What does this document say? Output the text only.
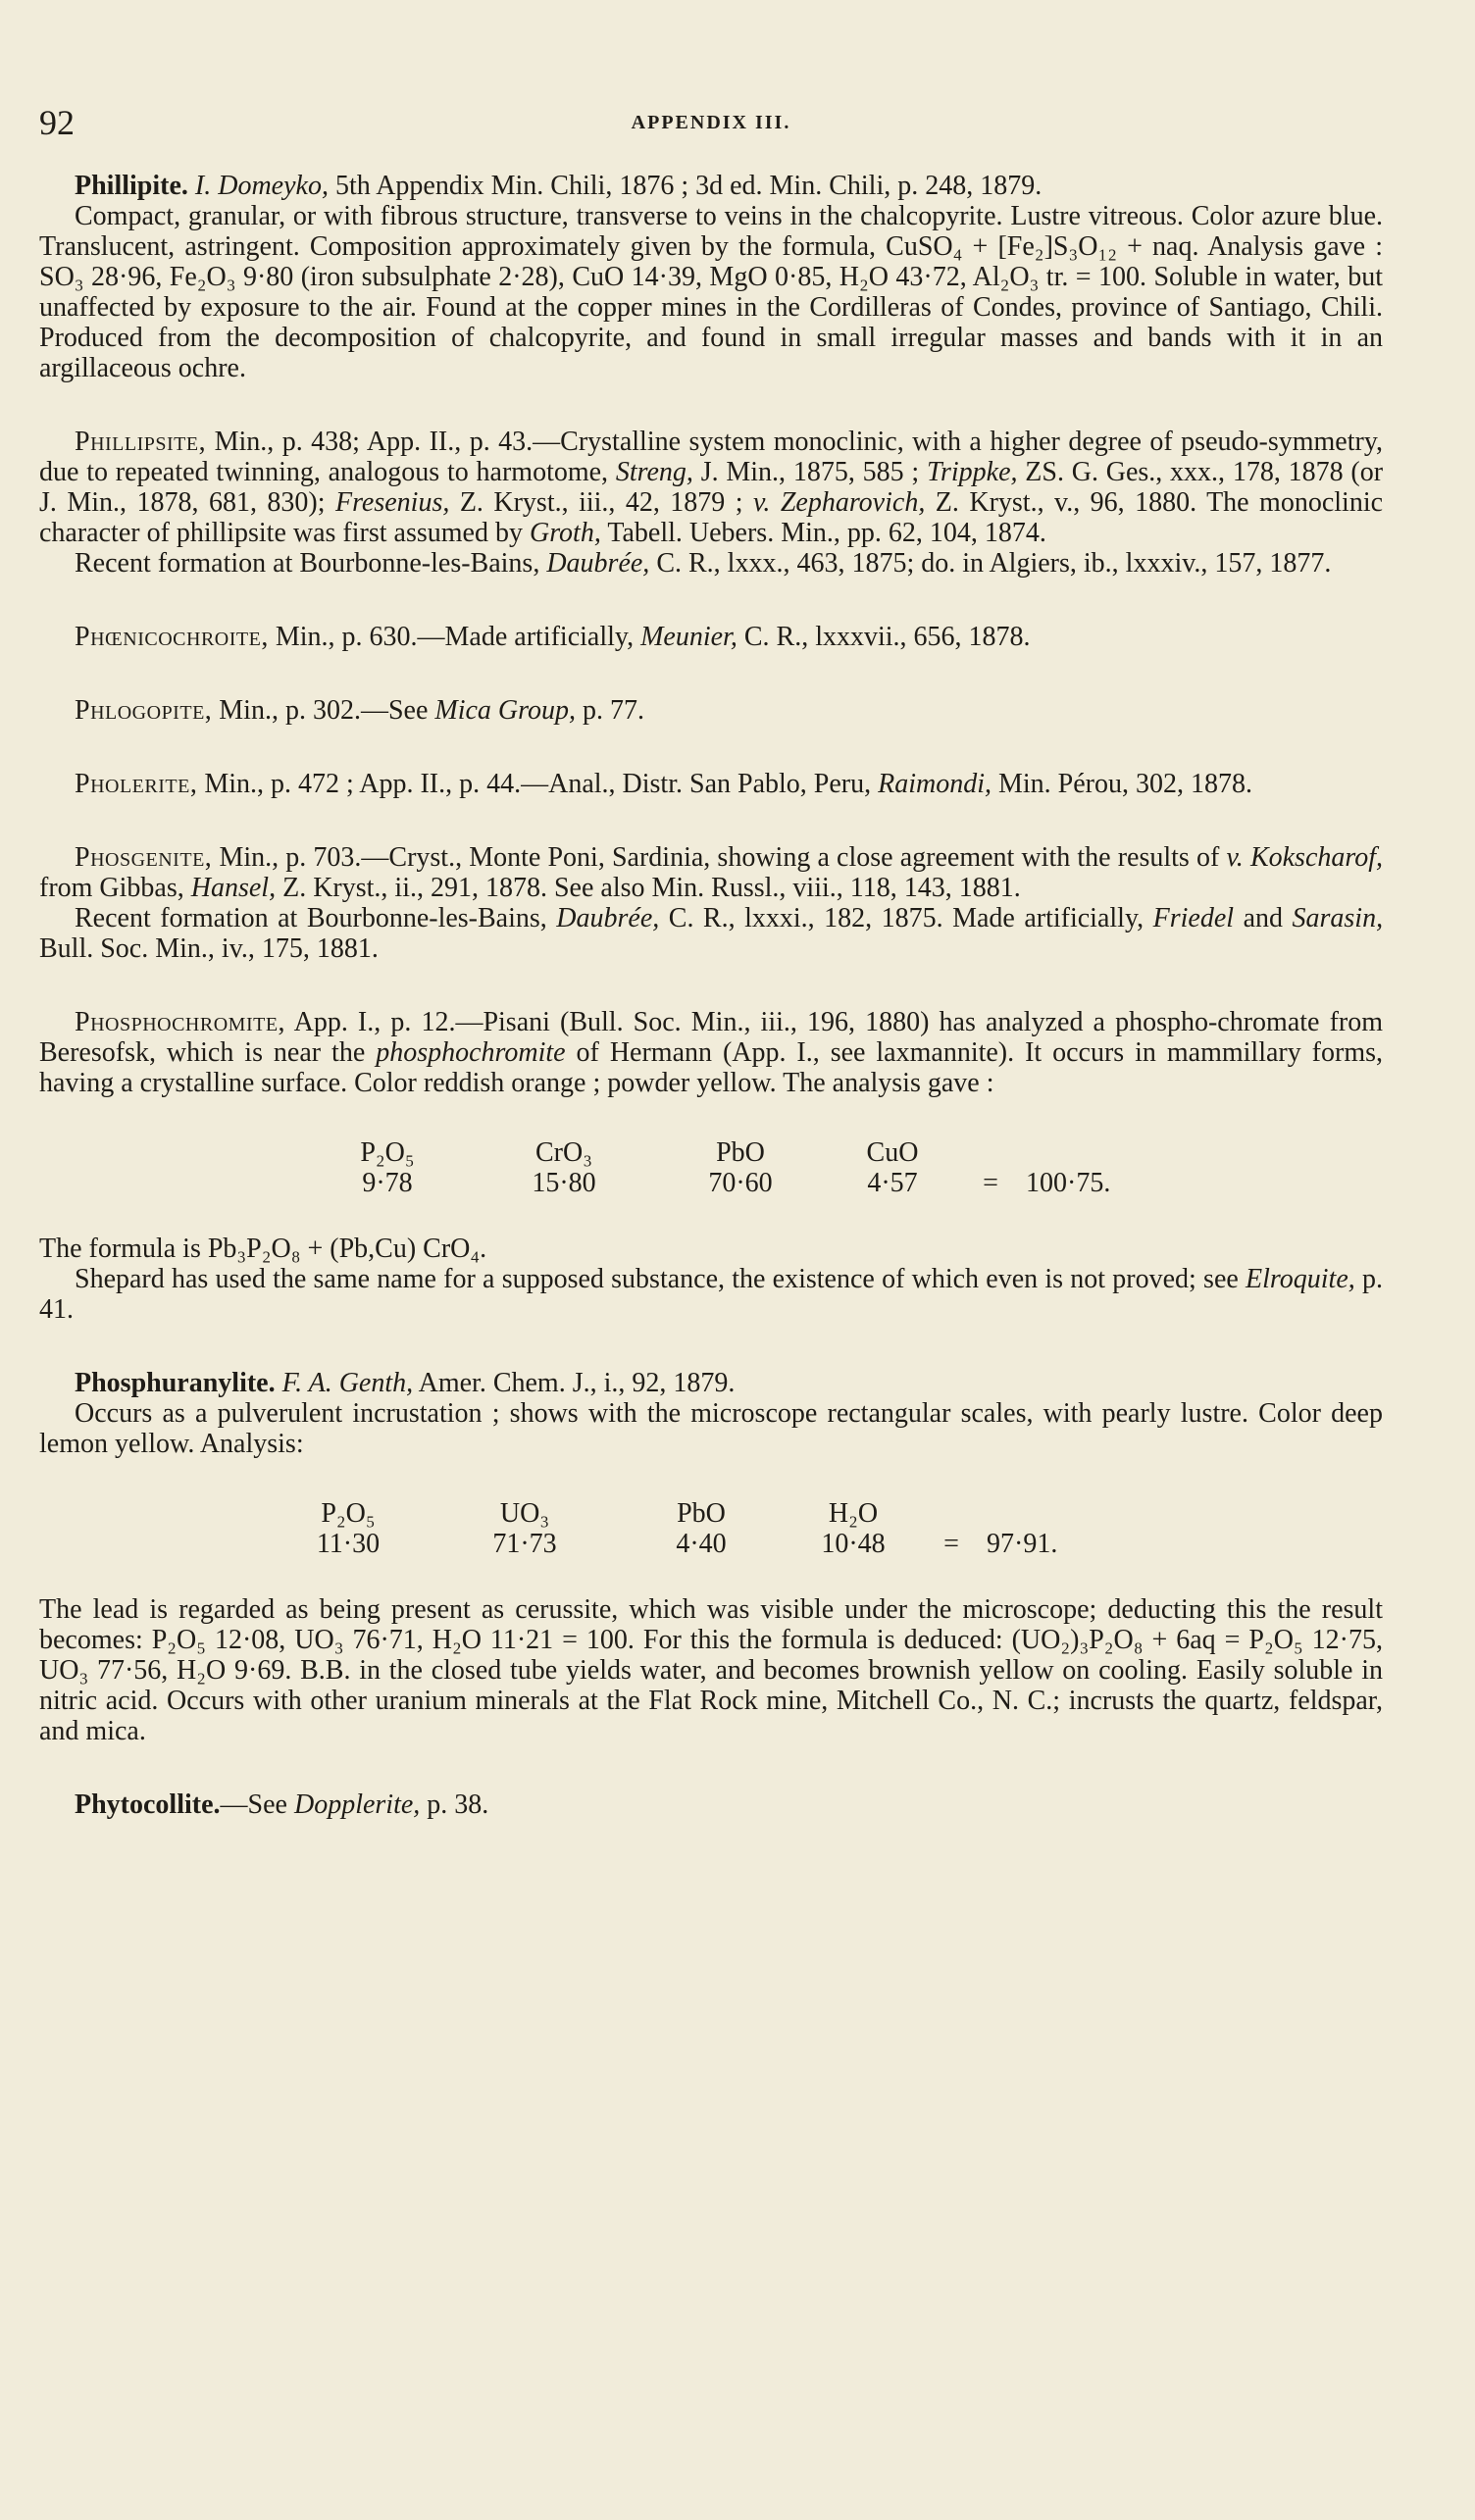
92	APPENDIX III.

Phillipite. I. Domeyko, 5th Appendix Min. Chili, 1876 ; 3d ed. Min. Chili, p. 248, 1879.

Compact, granular, or with fibrous structure, transverse to veins in the chalcopyrite. Lustre vitreous. Color azure blue. Translucent, astringent. Composition approximately given by the formula, CuSO₄ + [Fe₂]S₃O₁₂ + naq. Analysis gave : SO₃ 28·96, Fe₂O₃ 9·80 (iron subsulphate 2·28), CuO 14·39, MgO 0·85, H₂O 43·72, Al₂O₃ tr. = 100. Soluble in water, but unaffected by exposure to the air. Found at the copper mines in the Cordilleras of Condes, province of Santiago, Chili. Produced from the decomposition of chalcopyrite, and found in small irregular masses and bands with it in an argillaceous ochre.

Phillipsite, Min., p. 438; App. II., p. 43.—Crystalline system monoclinic, with a higher degree of pseudo-symmetry, due to repeated twinning, analogous to harmotome, Streng, J. Min., 1875, 585 ; Trippke, ZS. G. Ges., xxx., 178, 1878 (or J. Min., 1878, 681, 830); Fresenius, Z. Kryst., iii., 42, 1879 ; v. Zepharovich, Z. Kryst., v., 96, 1880. The monoclinic character of phillipsite was first assumed by Groth, Tabell. Uebers. Min., pp. 62, 104, 1874.

Recent formation at Bourbonne-les-Bains, Daubrée, C. R., lxxx., 463, 1875; do. in Algiers, ib., lxxxiv., 157, 1877.

Phœnicochroite, Min., p. 630.—Made artificially, Meunier, C. R., lxxxvii., 656, 1878.

Phlogopite, Min., p. 302.—See Mica Group, p. 77.

Pholerite, Min., p. 472 ; App. II., p. 44.—Anal., Distr. San Pablo, Peru, Raimondi, Min. Pérou, 302, 1878.

Phosgenite, Min., p. 703.—Cryst., Monte Poni, Sardinia, showing a close agreement with the results of v. Kokscharof, from Gibbas, Hansel, Z. Kryst., ii., 291, 1878. See also Min. Russl., viii., 118, 143, 1881.

Recent formation at Bourbonne-les-Bains, Daubrée, C. R., lxxxi., 182, 1875. Made artificially, Friedel and Sarasin, Bull. Soc. Min., iv., 175, 1881.

Phosphochromite, App. I., p. 12.—Pisani (Bull. Soc. Min., iii., 196, 1880) has analyzed a phospho-chromate from Beresofsk, which is near the phosphochromite of Hermann (App. I., see laxmannite). It occurs in mammillary forms, having a crystalline surface. Color reddish orange ; powder yellow. The analysis gave :

P₂O₅	CrO₃	PbO	CuO		
9·78	15·80	70·60	4·57	=	100·75.

The formula is Pb₃P₂O₈ + (Pb,Cu) CrO₄.

Shepard has used the same name for a supposed substance, the existence of which even is not proved; see Elroquite, p. 41.

Phosphuranylite. F. A. Genth, Amer. Chem. J., i., 92, 1879.

Occurs as a pulverulent incrustation ; shows with the microscope rectangular scales, with pearly lustre. Color deep lemon yellow. Analysis:

P₂O₅	UO₃	PbO	H₂O		
11·30	71·73	4·40	10·48	=	97·91.

The lead is regarded as being present as cerussite, which was visible under the microscope; deducting this the result becomes: P₂O₅ 12·08, UO₃ 76·71, H₂O 11·21 = 100. For this the formula is deduced: (UO₂)₃P₂O₈ + 6aq = P₂O₅ 12·75, UO₃ 77·56, H₂O 9·69. B.B. in the closed tube yields water, and becomes brownish yellow on cooling. Easily soluble in nitric acid. Occurs with other uranium minerals at the Flat Rock mine, Mitchell Co., N. C.; incrusts the quartz, feldspar, and mica.

Phytocollite.—See Dopplerite, p. 38.
